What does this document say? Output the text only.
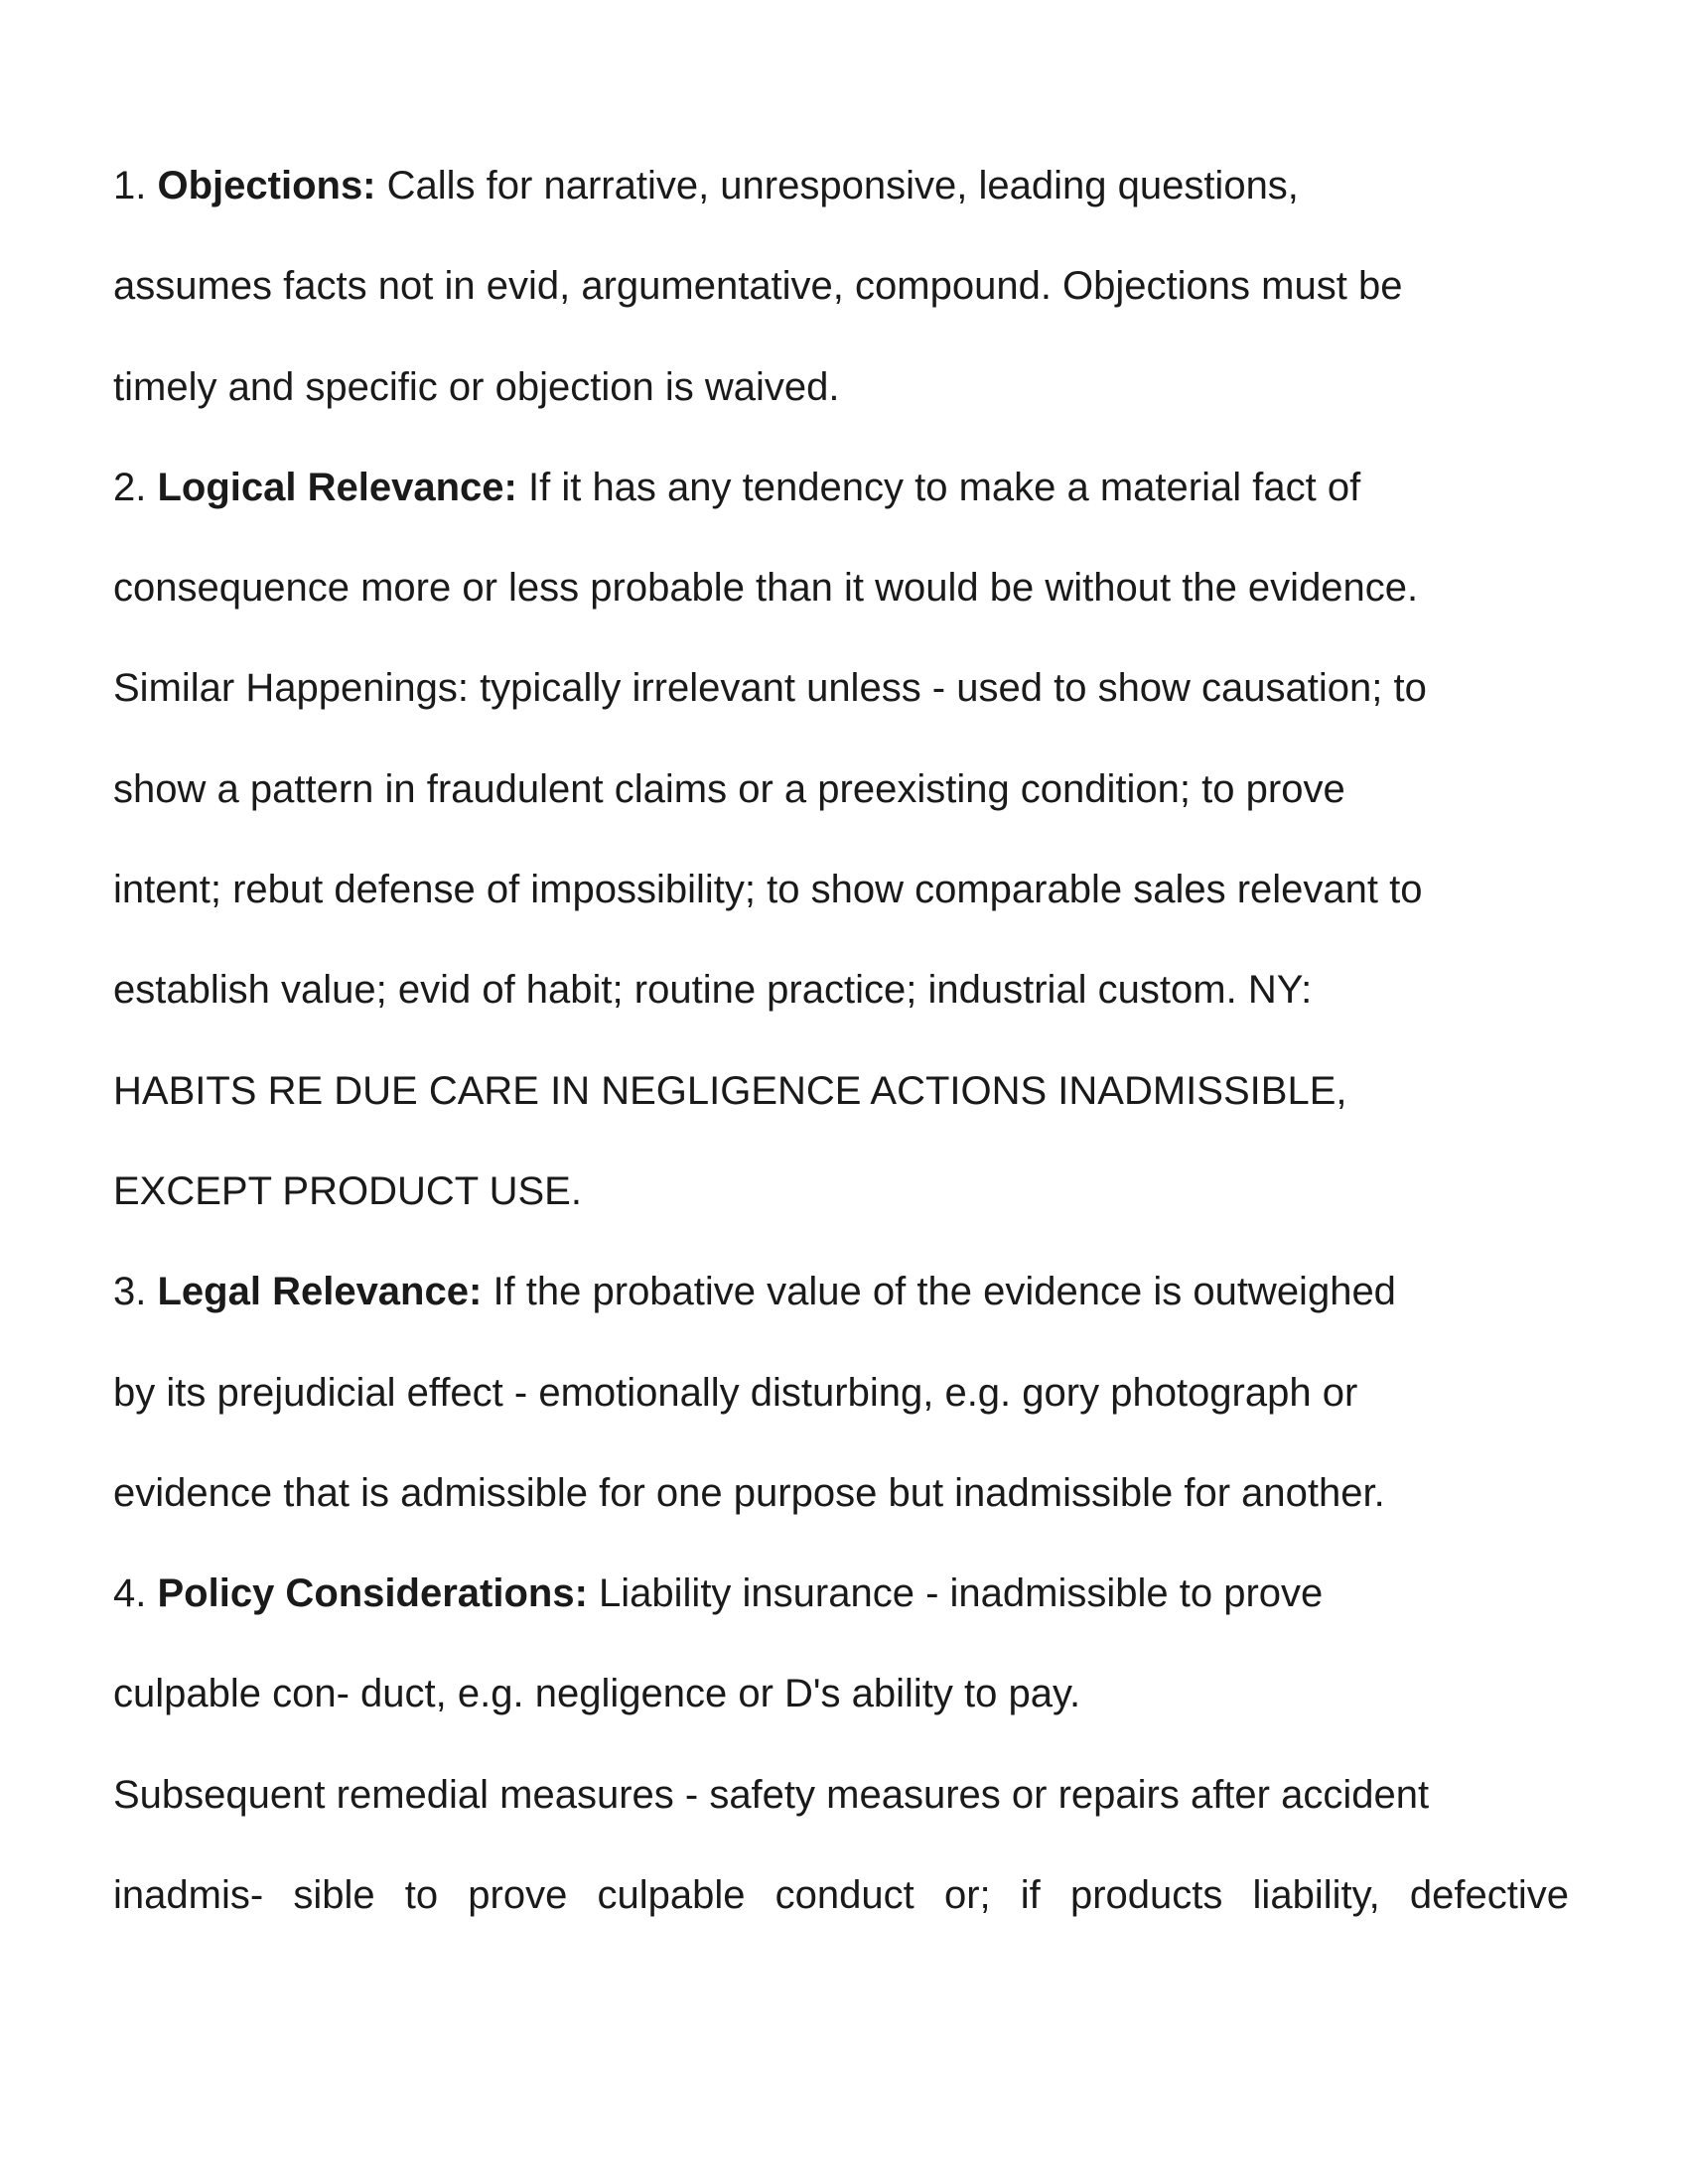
1. Objections: Calls for narrative, unresponsive, leading questions,
assumes facts not in evid, argumentative, compound. Objections must be
timely and specific or objection is waived.
2. Logical Relevance: If it has any tendency to make a material fact of
consequence more or less probable than it would be without the evidence.
Similar Happenings: typically irrelevant unless - used to show causation; to
show a pattern in fraudulent claims or a preexisting condition; to prove
intent; rebut defense of impossibility; to show comparable sales relevant to
establish value; evid of habit; routine practice; industrial custom. NY:
HABITS RE DUE CARE IN NEGLIGENCE ACTIONS INADMISSIBLE,
EXCEPT PRODUCT USE.
3. Legal Relevance: If the probative value of the evidence is outweighed
by its prejudicial effect - emotionally disturbing, e.g. gory photograph or
evidence that is admissible for one purpose but inadmissible for another.
4. Policy Considerations: Liability insurance - inadmissible to prove
culpable con- duct, e.g. negligence or D's ability to pay.
Subsequent remedial measures - safety measures or repairs after accident
inadmis- sible to prove culpable conduct or; if products liability, defective
